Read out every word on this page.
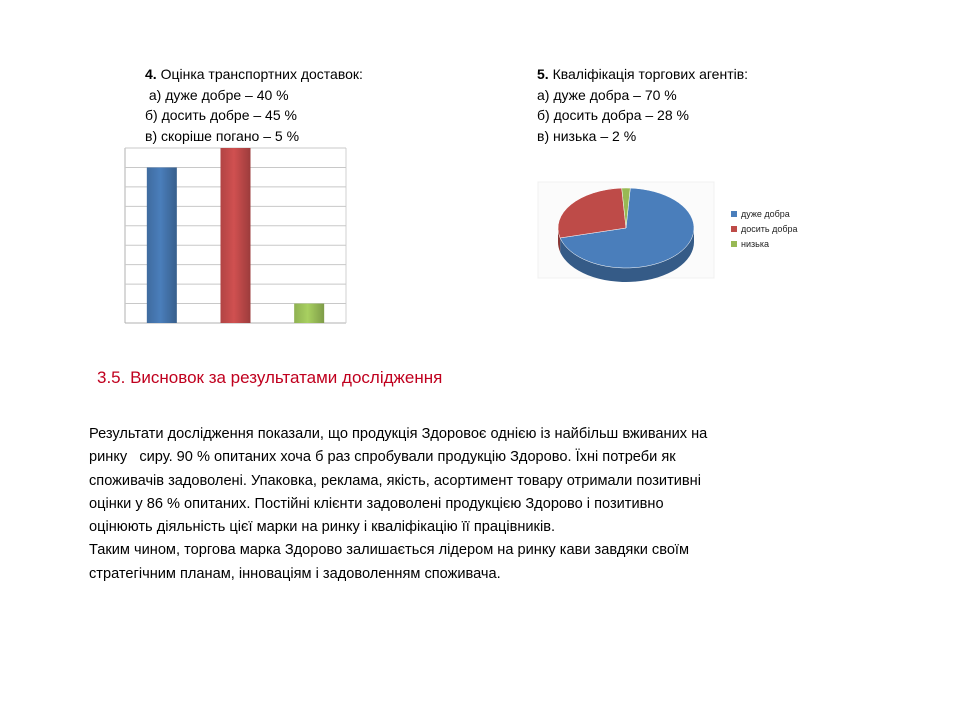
4. Оцінка транспортних доставок:
а) дуже добре – 40 %
б) досить добре – 45 %
в) скоріше погано – 5 %
5. Кваліфікація торгових агентів:
а) дуже добра – 70 %
б) досить добра – 28 %
в) низька – 2 %
дуже добра
досить добра
низька
3.5. Висновок за результатами дослідження
Результати дослідження показали, що продукція Здоровоє однією із найбільш вживаних на
ринку   сиру. 90 % опитаних хоча б раз спробували продукцію Здорово. Їхні потреби як
споживачів задоволені. Упаковка, реклама, якість, асортимент товару отримали позитивні
оцінки у 86 % опитаних. Постійні клієнти задоволені продукцією Здорово і позитивно
оцінюють діяльність цієї марки на ринку і кваліфікацію її працівників.
Таким чином, торгова марка Здорово залишається лідером на ринку кави завдяки своїм
стратегічним планам, інноваціям і задоволенням споживача.
